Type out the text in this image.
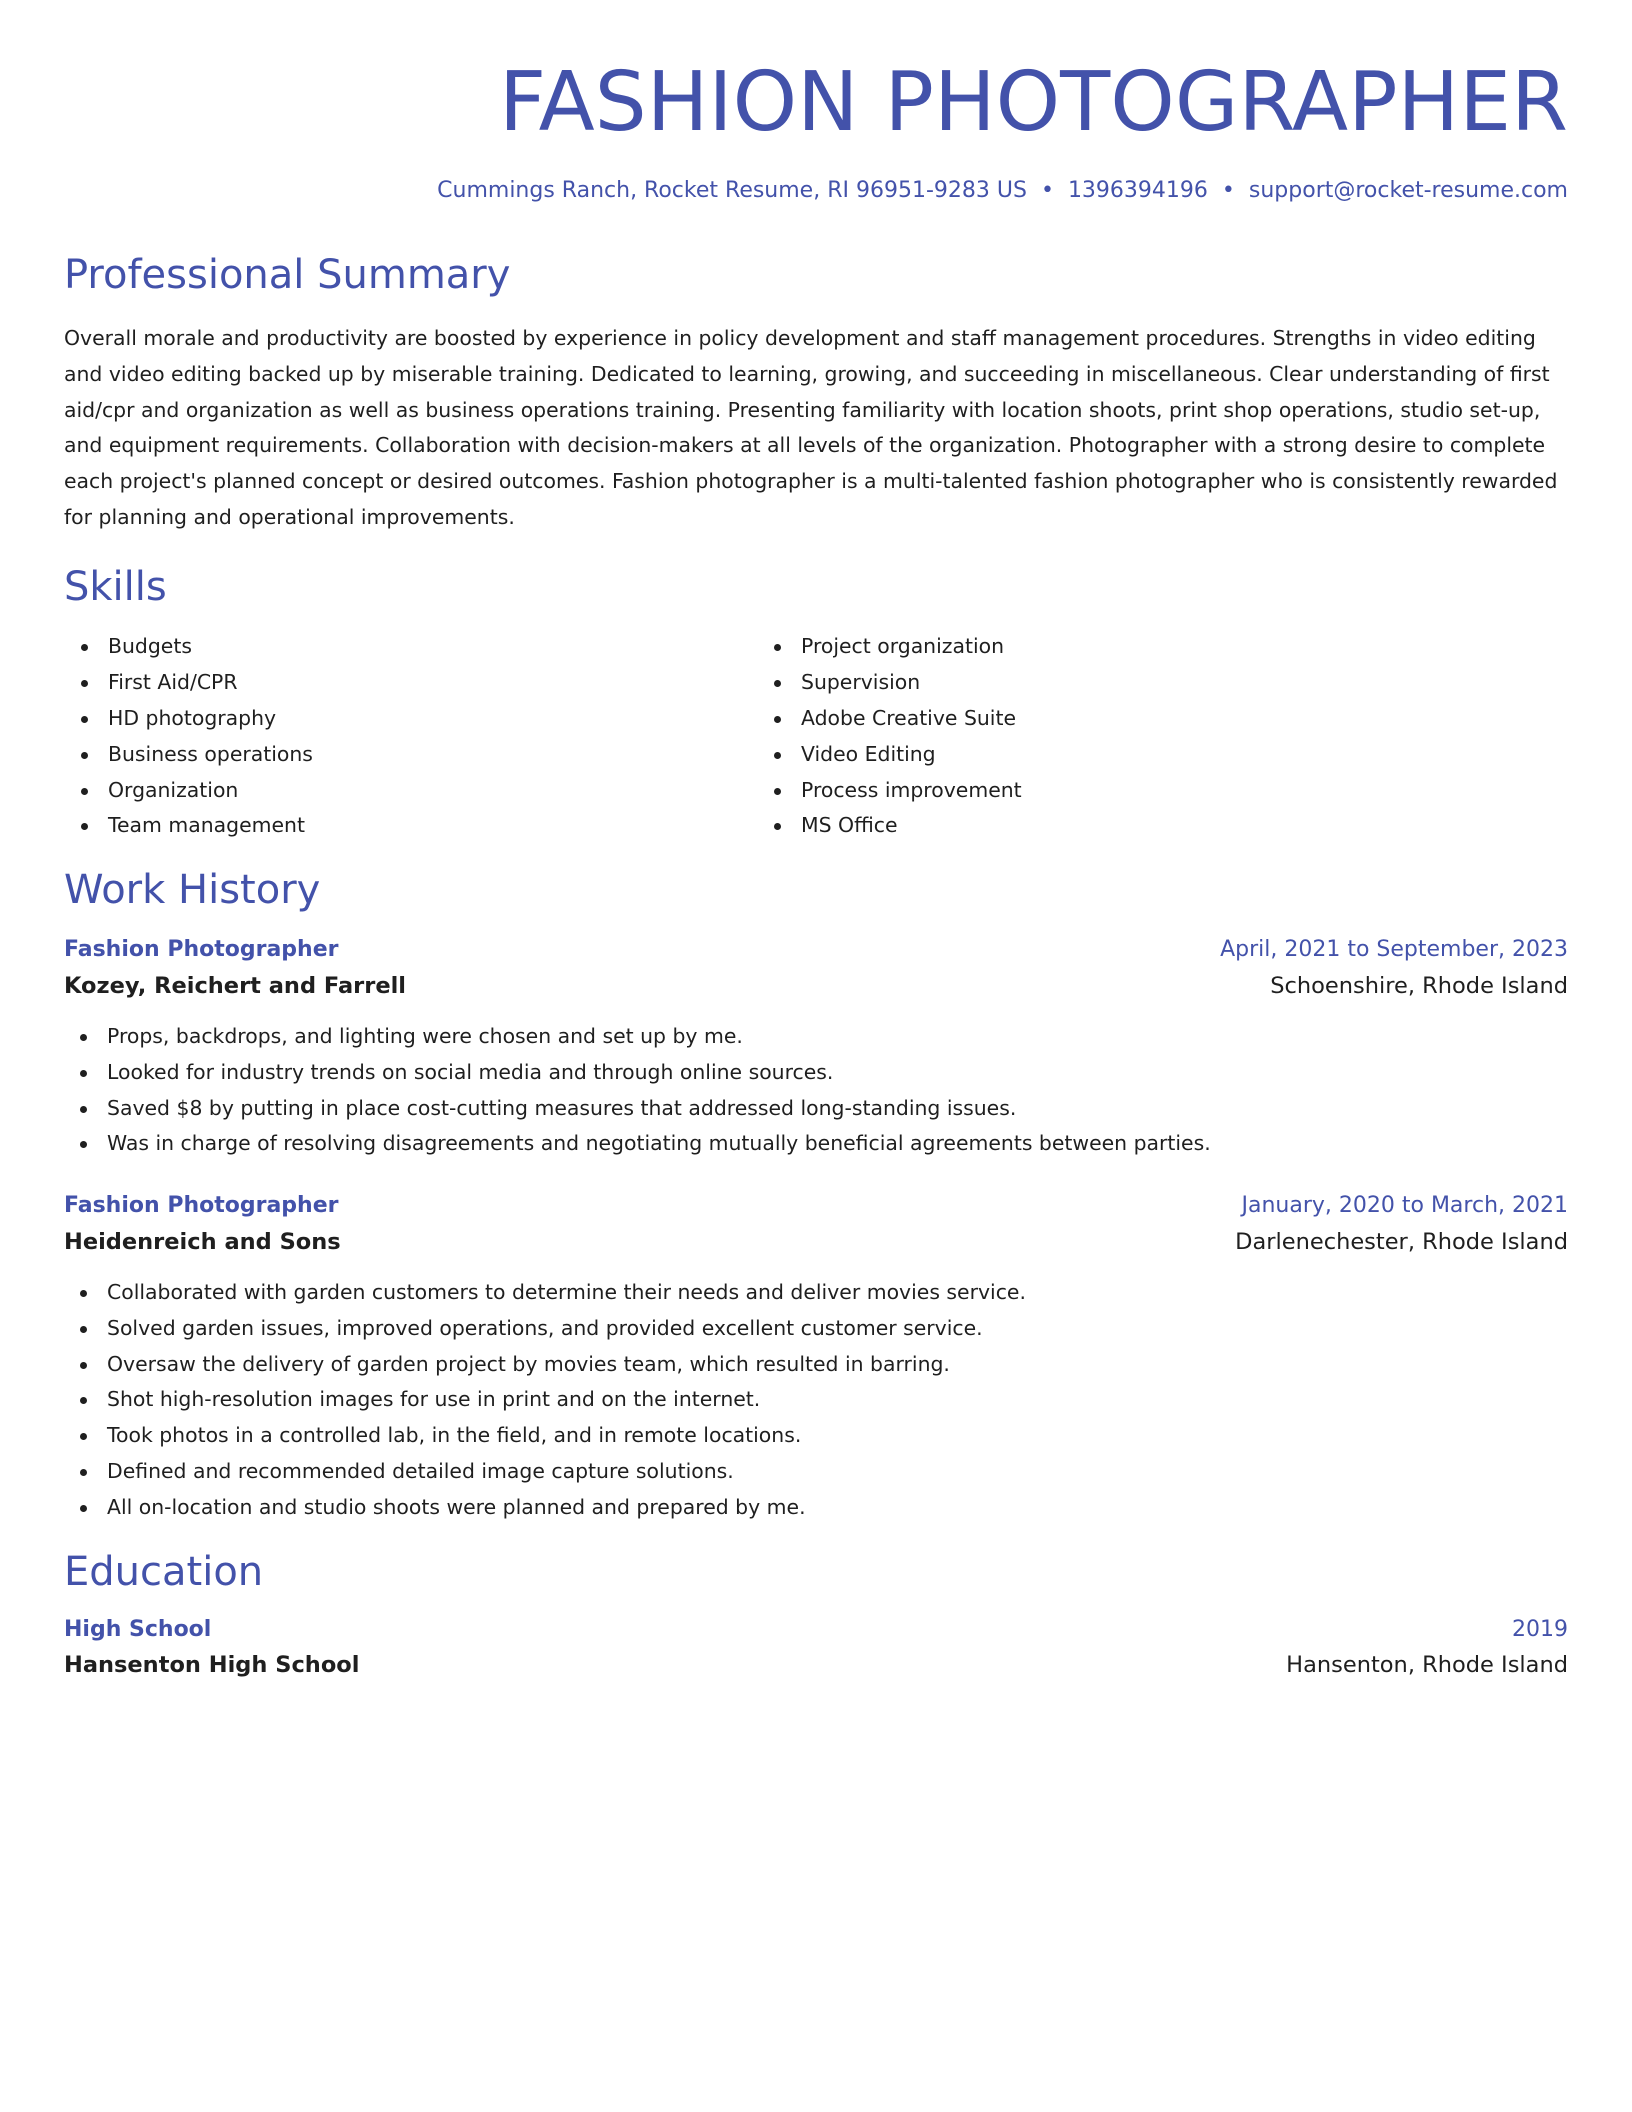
FASHION PHOTOGRAPHER
Cummings Ranch, Rocket Resume, RI 96951-9283 US • 1396394196 • support@rocket-resume.com
Professional Summary
Overall morale and productivity are boosted by experience in policy development and staff management procedures. Strengths in video editing and video editing backed up by miserable training. Dedicated to learning, growing, and succeeding in miscellaneous. Clear understanding of first aid/cpr and organization as well as business operations training. Presenting familiarity with location shoots, print shop operations, studio set-up, and equipment requirements. Collaboration with decision-makers at all levels of the organization. Photographer with a strong desire to complete each project's planned concept or desired outcomes. Fashion photographer is a multi-talented fashion photographer who is consistently rewarded for planning and operational improvements.
Skills
Budgets
First Aid/CPR
HD photography
Business operations
Organization
Team management
Project organization
Supervision
Adobe Creative Suite
Video Editing
Process improvement
MS Office
Work History
Fashion Photographer	April, 2021 to September, 2023
Kozey, Reichert and Farrell	Schoenshire, Rhode Island
Props, backdrops, and lighting were chosen and set up by me.
Looked for industry trends on social media and through online sources.
Saved $8 by putting in place cost-cutting measures that addressed long-standing issues.
Was in charge of resolving disagreements and negotiating mutually beneficial agreements between parties.
Fashion Photographer	January, 2020 to March, 2021
Heidenreich and Sons	Darlenechester, Rhode Island
Collaborated with garden customers to determine their needs and deliver movies service.
Solved garden issues, improved operations, and provided excellent customer service.
Oversaw the delivery of garden project by movies team, which resulted in barring.
Shot high-resolution images for use in print and on the internet.
Took photos in a controlled lab, in the field, and in remote locations.
Defined and recommended detailed image capture solutions.
All on-location and studio shoots were planned and prepared by me.
Education
High School	2019
Hansenton High School	Hansenton, Rhode Island
